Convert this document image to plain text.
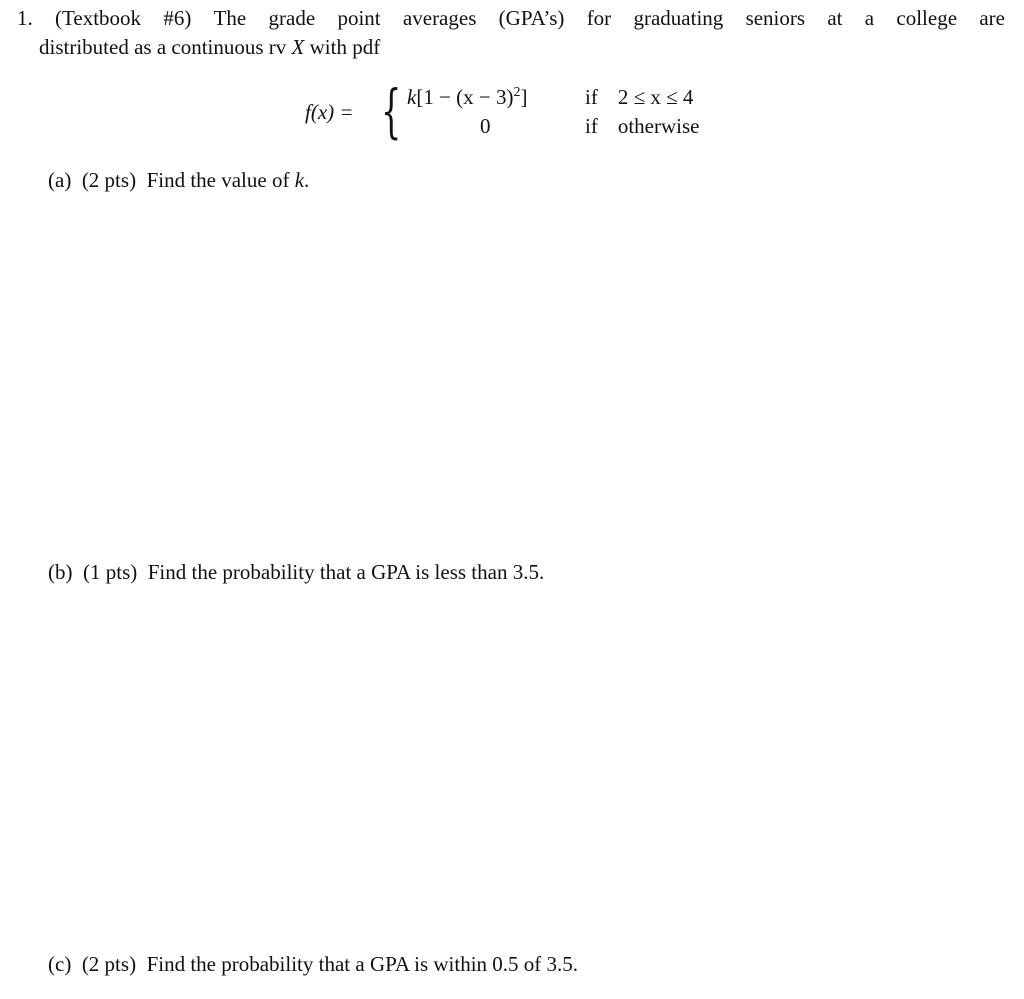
1. (Textbook #6) The grade point averages (GPA’s) for graduating seniors at a college are
distributed as a continuous rv X with pdf
f(x) = { $k[1 - (x - 3)^2]$	if 2 ≤ x ≤ 4
0	if otherwise
(a) (2 pts) Find the value of k.
(b) (1 pts) Find the probability that a GPA is less than 3.5.
(c) (2 pts) Find the probability that a GPA is within 0.5 of 3.5.
